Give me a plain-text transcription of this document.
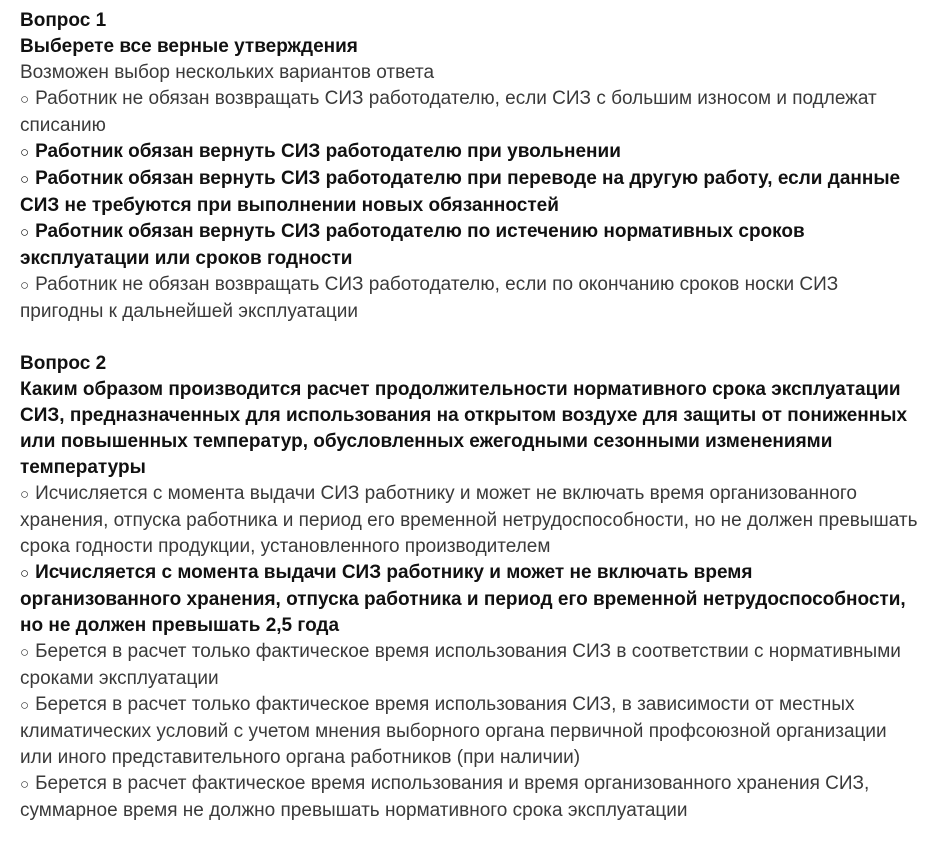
Вопрос 1

Выберете все верные утверждения

Возможен выбор нескольких вариантов ответа

○ Работник не обязан возвращать СИЗ работодателю, если СИЗ с большим износом и подлежат списанию
○ Работник обязан вернуть СИЗ работодателю при увольнении
○ Работник обязан вернуть СИЗ работодателю при переводе на другую работу, если данные СИЗ не требуются при выполнении новых обязанностей
○ Работник обязан вернуть СИЗ работодателю по истечению нормативных сроков эксплуатации или сроков годности
○ Работник не обязан возвращать СИЗ работодателю, если по окончанию сроков носки СИЗ пригодны к дальнейшей эксплуатации

Вопрос 2

Каким образом производится расчет продолжительности нормативного срока эксплуатации СИЗ, предназначенных для использования на открытом воздухе для защиты от пониженных или повышенных температур, обусловленных ежегодными сезонными изменениями температуры

○ Исчисляется с момента выдачи СИЗ работнику и может не включать время организованного хранения, отпуска работника и период его временной нетрудоспособности, но не должен превышать срока годности продукции, установленного производителем
○ Исчисляется с момента выдачи СИЗ работнику и может не включать время организованного хранения, отпуска работника и период его временной нетрудоспособности, но не должен превышать 2,5 года
○ Берется в расчет только фактическое время использования СИЗ в соответствии с нормативными сроками эксплуатации
○ Берется в расчет только фактическое время использования СИЗ, в зависимости от местных климатических условий с учетом мнения выборного органа первичной профсоюзной организации или иного представительного органа работников (при наличии)
○ Берется в расчет фактическое время использования и время организованного хранения СИЗ, суммарное время не должно превышать нормативного срока эксплуатации
